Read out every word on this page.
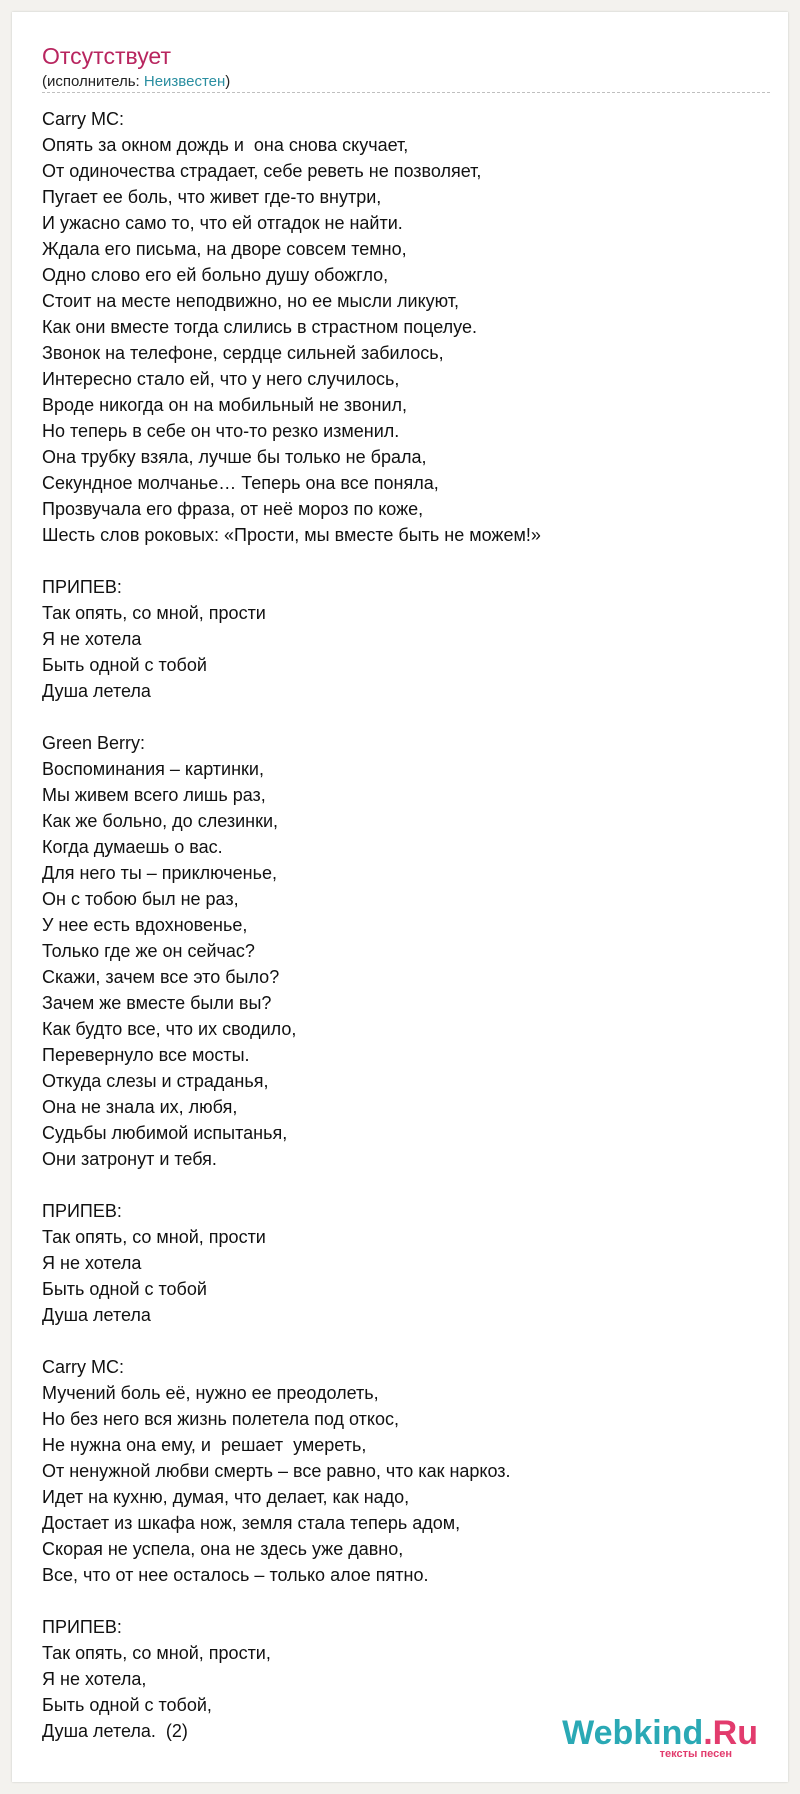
Отсутствует
(исполнитель: Неизвестен)
Carry MC:
Опять за окном дождь и  она снова скучает,
От одиночества страдает, себе реветь не позволяет,
Пугает ее боль, что живет где-то внутри,
И ужасно само то, что ей отгадок не найти.
Ждала его письма, на дворе совсем темно,
Одно слово его ей больно душу обожгло,
Стоит на месте неподвижно, но ее мысли ликуют,
Как они вместе тогда слились в страстном поцелуе.
Звонок на телефоне, сердце сильней забилось,
Интересно стало ей, что у него случилось,
Вроде никогда он на мобильный не звонил,
Но теперь в себе он что-то резко изменил.
Она трубку взяла, лучше бы только не брала,
Секундное молчанье… Теперь она все поняла,
Прозвучала его фраза, от неё мороз по коже,
Шесть слов роковых: «Прости, мы вместе быть не можем!»

ПРИПЕВ:
Так опять, со мной, прости
Я не хотела
Быть одной с тобой
Душа летела

Green Berry:
Воспоминания – картинки,
Мы живем всего лишь раз,
Как же больно, до слезинки,
Когда думаешь о вас.
Для него ты – приключенье,
Он с тобою был не раз,
У нее есть вдохновенье,
Только где же он сейчас?
Скажи, зачем все это было?
Зачем же вместе были вы?
Как будто все, что их сводило,
Перевернуло все мосты.
Откуда слезы и страданья,
Она не знала их, любя,
Судьбы любимой испытанья,
Они затронут и тебя.

ПРИПЕВ:
Так опять, со мной, прости
Я не хотела
Быть одной с тобой
Душа летела

Carry MC:
Мучений боль её, нужно ее преодолеть,
Но без него вся жизнь полетела под откос,
Не нужна она ему, и  решает  умереть,
От ненужной любви смерть – все равно, что как наркоз.
Идет на кухню, думая, что делает, как надо,
Достает из шкафа нож, земля стала теперь адом,
Скорая не успела, она не здесь уже давно,
Все, что от нее осталось – только алое пятно.

ПРИПЕВ:
Так опять, со мной, прости,
Я не хотела,
Быть одной с тобой,
Душа летела.  (2)	Webkind.Ru
тексты песен
